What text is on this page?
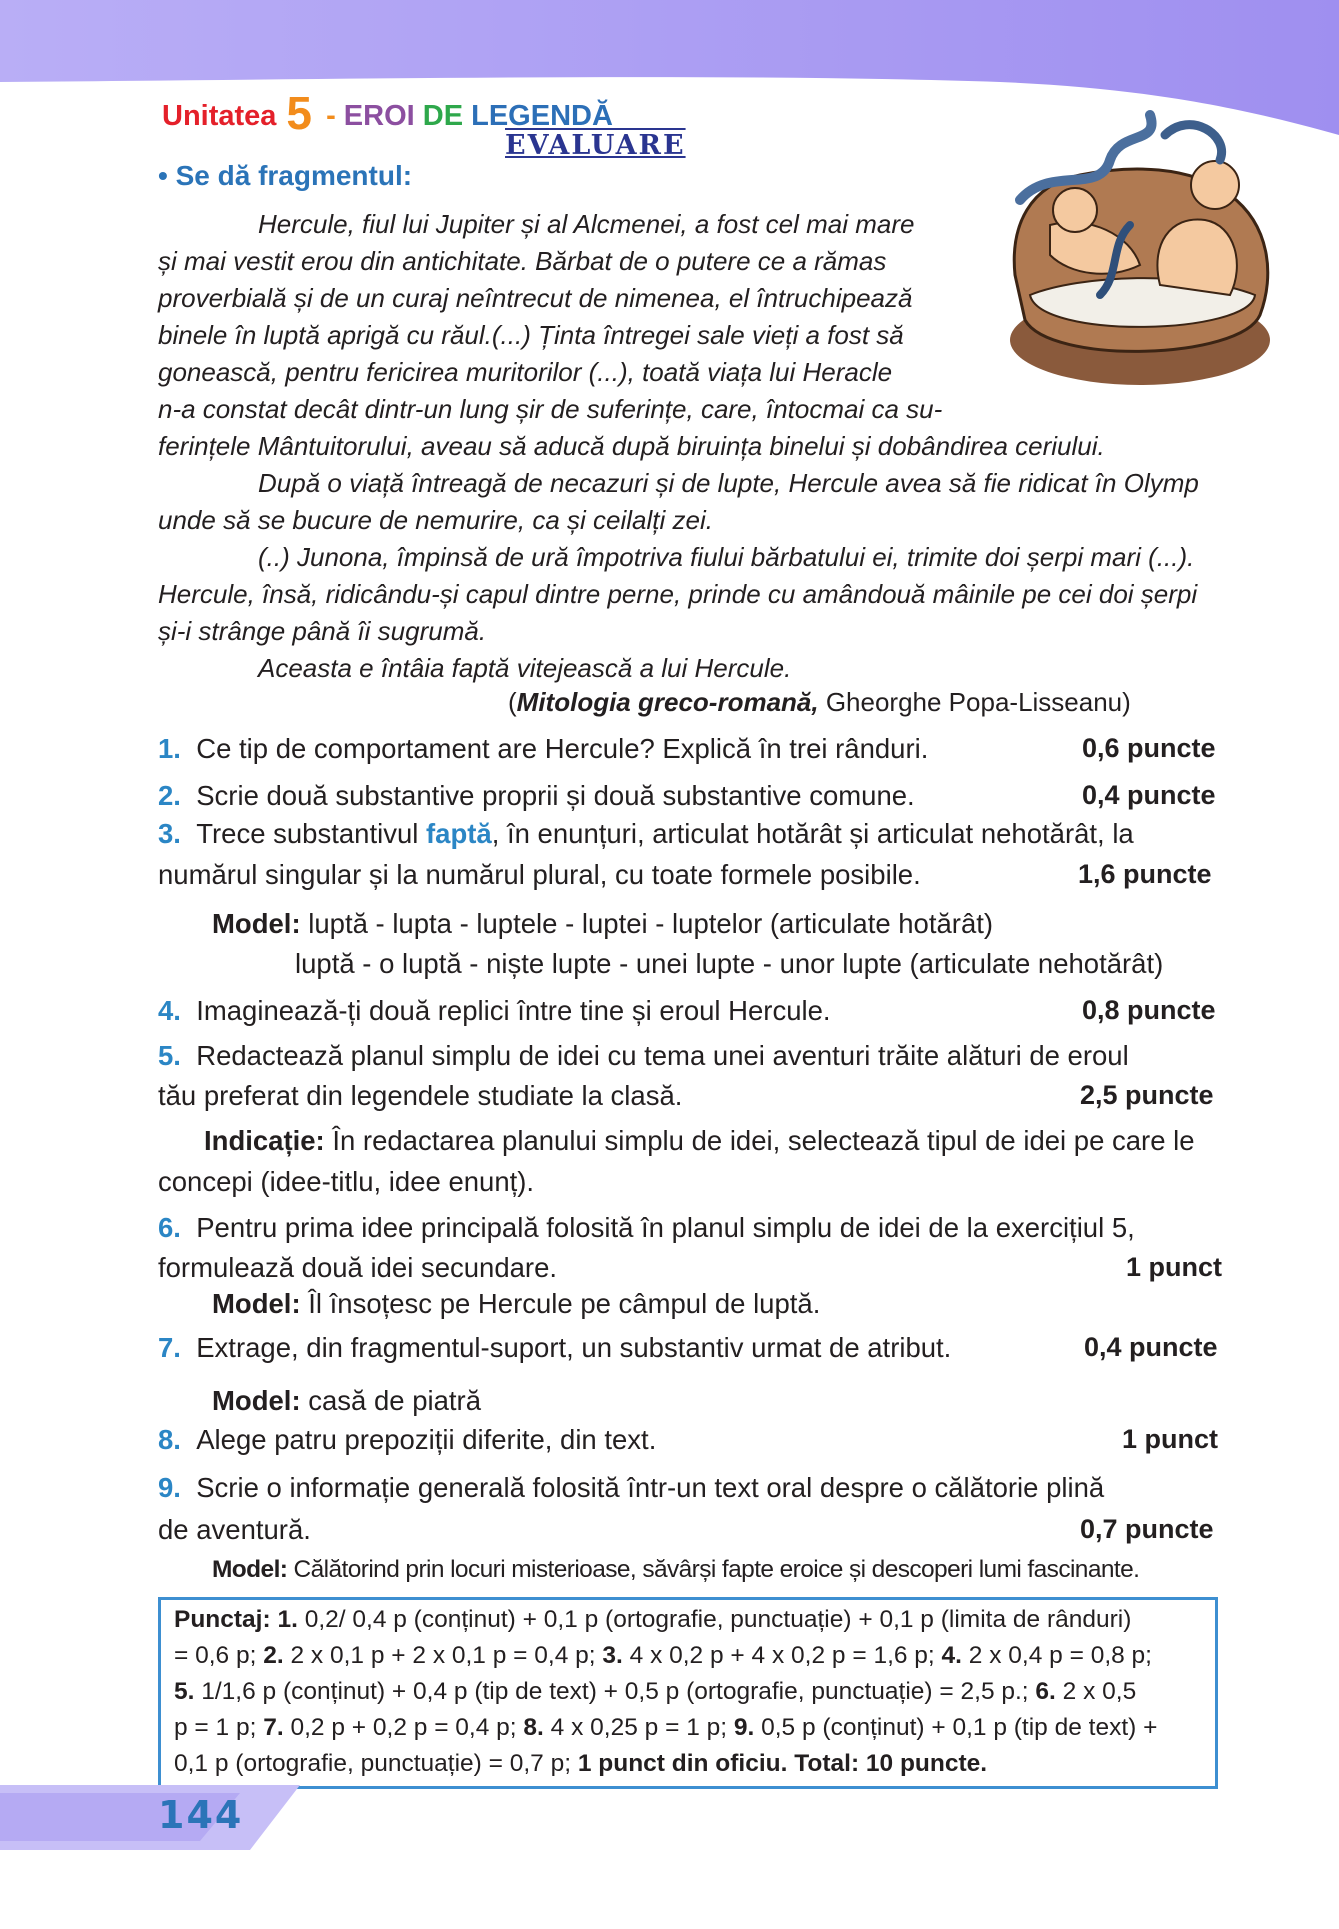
Unitatea 5 - EROI DE LEGENDĂ
EVALUARE
• Se dă fragmentul:
Hercule, fiul lui Jupiter și al Alcmenei, a fost cel mai mare
și mai vestit erou din antichitate. Bărbat de o putere ce a rămas
proverbială și de un curaj neîntrecut de nimenea, el întruchipează
binele în luptă aprigă cu răul.(...) Ținta întregei sale vieți a fost să
gonească, pentru fericirea muritorilor (...), toată viața lui Heracle
n-a constat decât dintr-un lung șir de suferințe, care, întocmai ca su-
ferințele Mântuitorului, aveau să aducă după biruința binelui și dobândirea ceriului.
După o viață întreagă de necazuri și de lupte, Hercule avea să fie ridicat în Olymp
unde să se bucure de nemurire, ca și ceilalți zei.
(..) Junona, împinsă de ură împotriva fiului bărbatului ei, trimite doi șerpi mari (...).
Hercule, însă, ridicându-și capul dintre perne, prinde cu amândouă mâinile pe cei doi șerpi
și-i strânge până îi sugrumă.
Aceasta e întâia faptă vitejească a lui Hercule.
(Mitologia greco-romană, Gheorghe Popa-Lisseanu)
1. Ce tip de comportament are Hercule? Explică în trei rânduri.	0,6 puncte
2. Scrie două substantive proprii și două substantive comune.	0,4 puncte
3. Trece substantivul faptă, în enunțuri, articulat hotărât și articulat nehotărât, la
numărul singular și la numărul plural, cu toate formele posibile.	1,6 puncte
Model: luptă - lupta - luptele - luptei - luptelor (articulate hotărât)
luptă - o luptă - niște lupte - unei lupte - unor lupte (articulate nehotărât)
4. Imaginează-ți două replici între tine și eroul Hercule.	0,8 puncte
5. Redactează planul simplu de idei cu tema unei aventuri trăite alături de eroul
tău preferat din legendele studiate la clasă.	2,5 puncte
Indicație: În redactarea planului simplu de idei, selectează tipul de idei pe care le
concepi (idee-titlu, idee enunț).
6. Pentru prima idee principală folosită în planul simplu de idei de la exercițiul 5,
formulează două idei secundare.	1 punct
Model: Îl însoțesc pe Hercule pe câmpul de luptă.
7. Extrage, din fragmentul-suport, un substantiv urmat de atribut.	0,4 puncte
Model: casă de piatră
8. Alege patru prepoziții diferite, din text.	1 punct
9. Scrie o informație generală folosită într-un text oral despre o călătorie plină
de aventură.	0,7 puncte
Model: Călătorind prin locuri misterioase, săvârși fapte eroice și descoperi lumi fascinante.
Punctaj: 1. 0,2/ 0,4 p (conținut) + 0,1 p (ortografie, punctuație) + 0,1 p (limita de rânduri)
= 0,6 p; 2. 2 x 0,1 p + 2 x 0,1 p = 0,4 p; 3. 4 x 0,2 p + 4 x 0,2 p = 1,6 p; 4. 2 x 0,4 p = 0,8 p;
5. 1/1,6 p (conținut) + 0,4 p (tip de text) + 0,5 p (ortografie, punctuație) = 2,5 p.; 6. 2 x 0,5
p = 1 p; 7. 0,2 p + 0,2 p = 0,4 p; 8. 4 x 0,25 p = 1 p; 9. 0,5 p (conținut) + 0,1 p (tip de text) +
0,1 p (ortografie, punctuație) = 0,7 p; 1 punct din oficiu. Total: 10 puncte.
144
